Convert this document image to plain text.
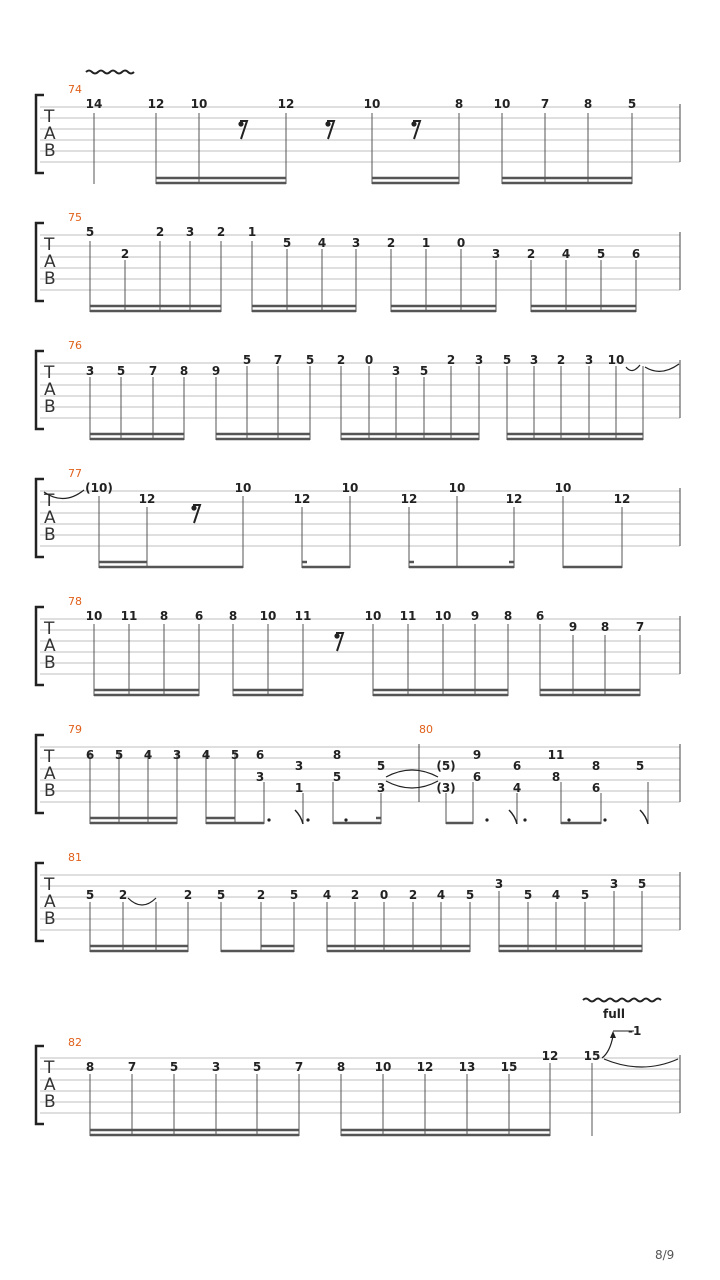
T
A
B
74
14	12 10	12	10	8	10	7	8	5
T
A
B
75
5
2
2 3 2 1
5 4 3 2 1 0
3 2 4 5 6
T
A
B
76
3 5 7 8 9
5 7 5 2 0
3 5
2 3 5 3 2 3 10
T
A
B
77
(10)
12
10
12
10
12
10
12
10
12
T
A
B
78
10 11 8 6 8 10 11	10 11 10 9 8 6
9 8 7
T
A
B
79	80
6 5 4 3 4 5 6
3
3
1
8
5
5
3
(5)
(3)
9
6
6
4
11
8
8
6
5
T
A
B
81
5 2	2 5	2 5 4 2 0 2 4 5
3
5 4 5
3 5
T
A
B
82
full
-1
8	7	5	3	5	7	8 10 12 13 15
12 15
8/9
